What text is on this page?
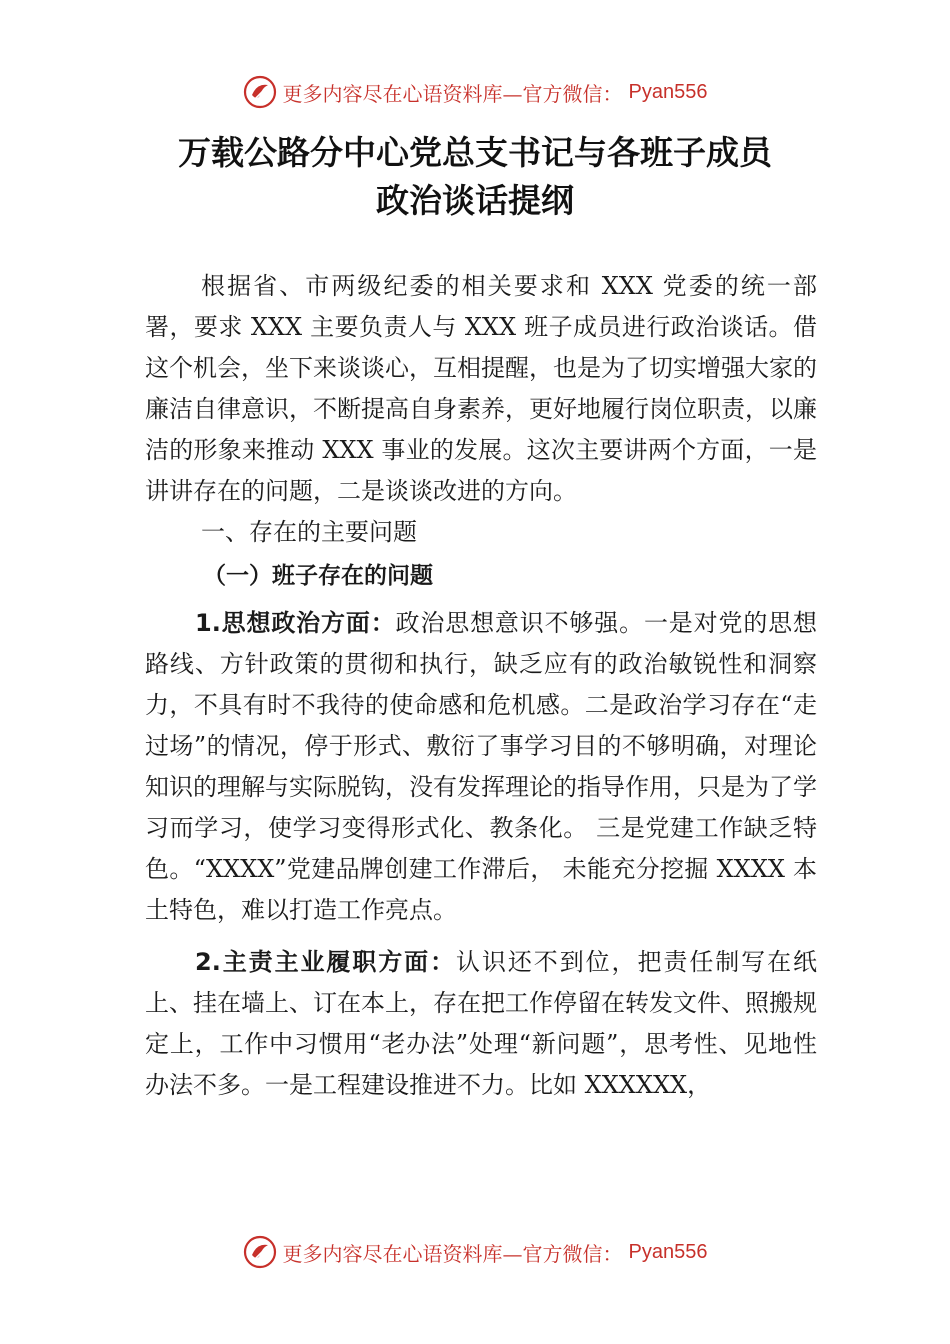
更多内容尽在心语资料库—官方微信： Pyan556
万载公路分中心党总支书记与各班子成员
政治谈话提纲

根据省、市两级纪委的相关要求和 XXX 党委的统一部署，要求 XXX 主要负责人与 XXX 班子成员进行政治谈话。借这个机会，坐下来谈谈心，互相提醒，也是为了切实增强大家的廉洁自律意识，不断提高自身素养，更好地履行岗位职责，以廉洁的形象来推动 XXX 事业的发展。这次主要讲两个方面，一是讲讲存在的问题，二是谈谈改进的方向。

一、存在的主要问题

（一）班子存在的问题

1.思想政治方面：政治思想意识不够强。一是对党的思想路线、方针政策的贯彻和执行，缺乏应有的政治敏锐性和洞察力，不具有时不我待的使命感和危机感。二是政治学习存在“走过场”的情况，停于形式、敷衍了事学习目的不够明确，对理论知识的理解与实际脱钩，没有发挥理论的指导作用，只是为了学习而学习，使学习变得形式化、教条化。 三是党建工作缺乏特色。“XXXX”党建品牌创建工作滞后， 未能充分挖掘 XXXX 本土特色，难以打造工作亮点。

2.主责主业履职方面：认识还不到位，把责任制写在纸上、挂在墙上、订在本上，存在把工作停留在转发文件、照搬规定上，工作中习惯用“老办法”处理“新问题”，思考性、见地性办法不多。一是工程建设推进不力。比如 XXXXXX，

更多内容尽在心语资料库—官方微信： Pyan556
